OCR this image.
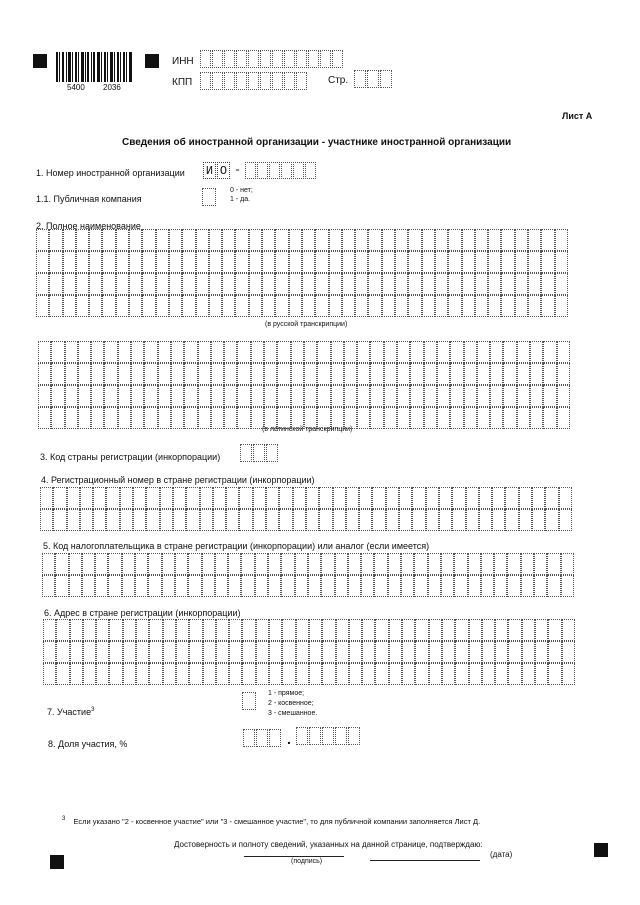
5400 2036
ИНН
КПП	Стр.
Лист А
Сведения об иностранной организации - участнике иностранной организации
1. Номер иностранной организации И О -
1.1. Публичная компания
0 - нет;
1 - да.
2. Полное наименование
(в русской транскрипции)
(в латинской транскрипции)
3. Код страны регистрации (инкорпорации)
4. Регистрационный номер в стране регистрации (инкорпорации)
5. Код налогоплательщика в стране регистрации (инкорпорации) или аналог (если имеется)
6. Адрес в стране регистрации (инкорпорации)
7. Участие$^3$
1 - прямое;
2 - косвенное;
3 - смешанное.
8. Доля участия, %	.
$^3$ Если указано "2 - косвенное участие" или "3 - смешанное участие", то для публичной компании заполняется Лист Д.
Достоверность и полноту сведений, указанных на данной странице, подтверждаю:
(подпись)
(дата)
